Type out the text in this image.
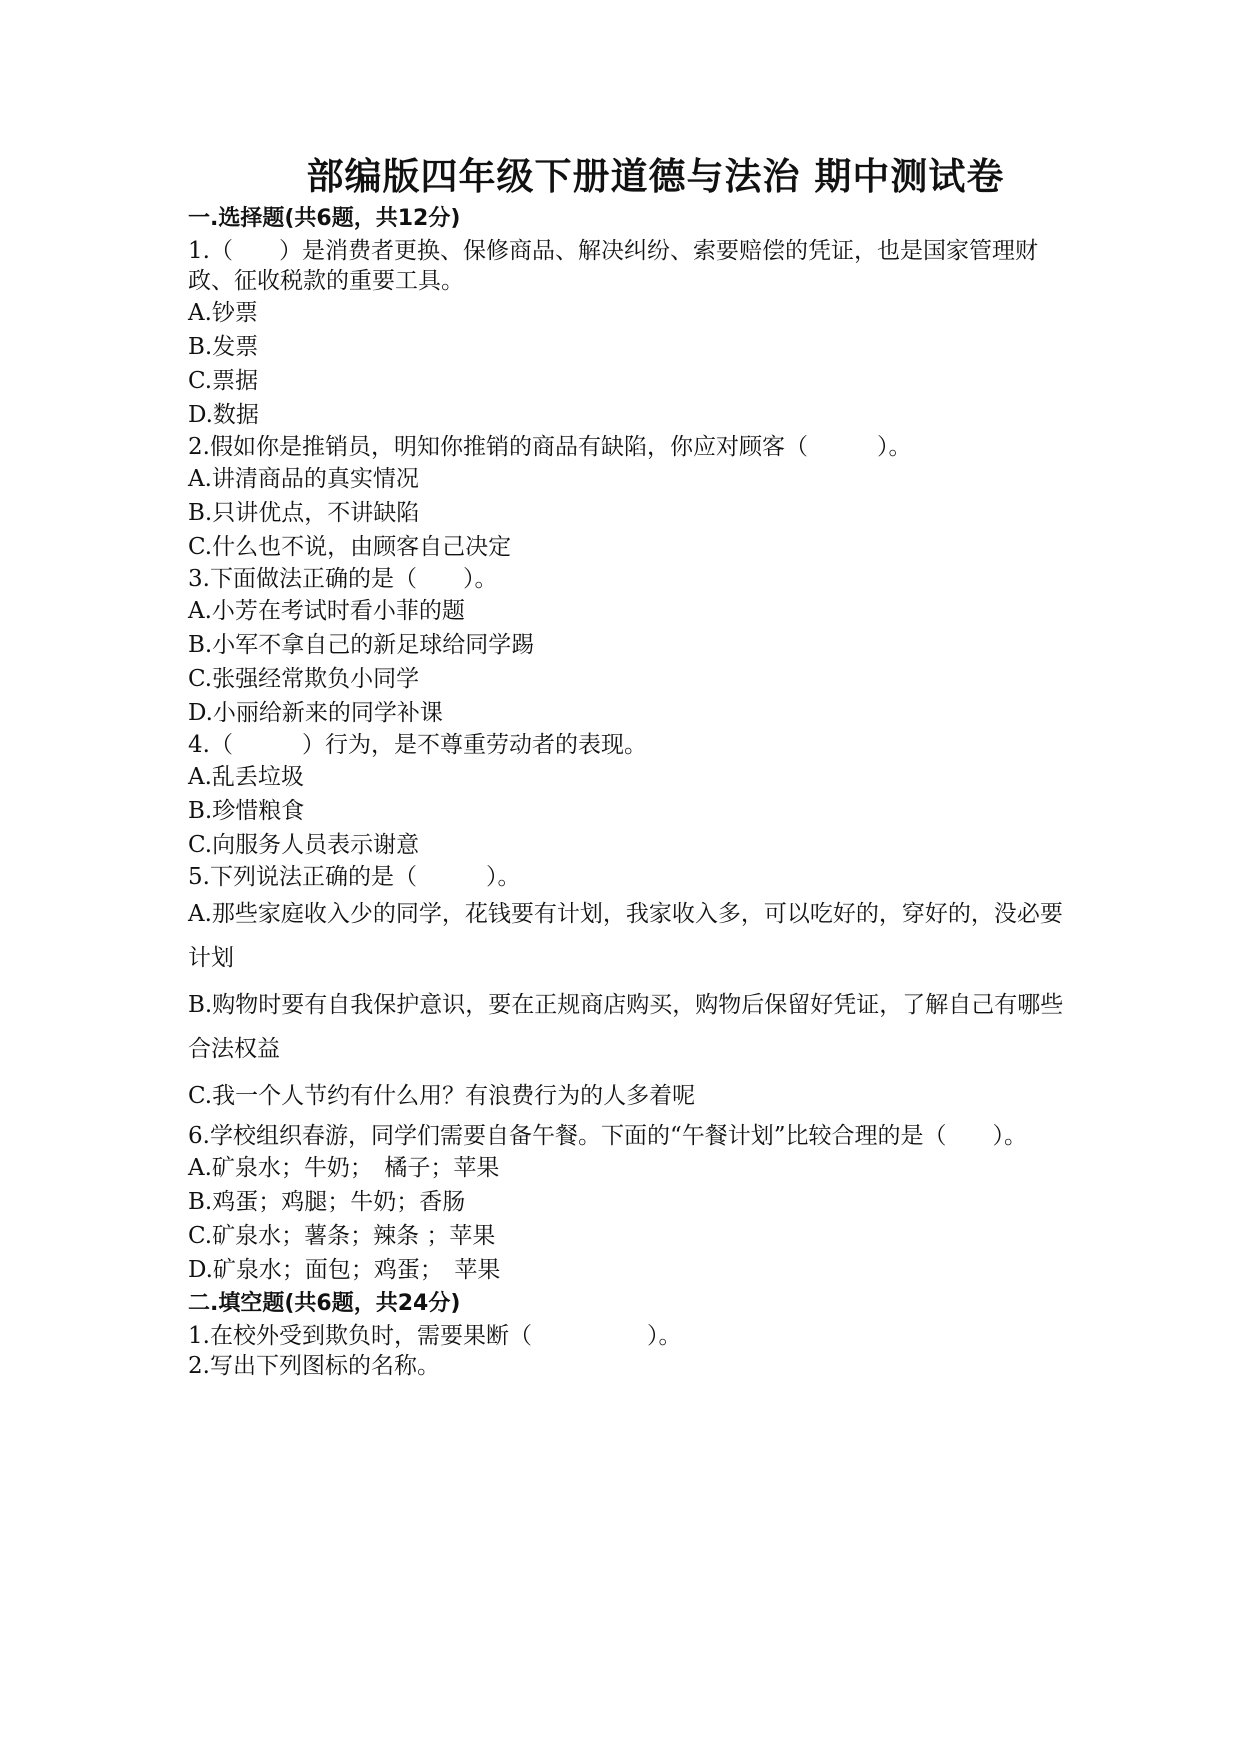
部编版四年级下册道德与法治 期中测试卷
一.选择题(共6题，共12分)

1.（　　）是消费者更换、保修商品、解决纠纷、索要赔偿的凭证，也是国家管理财政、征收税款的重要工具。

A.钞票

B.发票

C.票据

D.数据

2.假如你是推销员，明知你推销的商品有缺陷，你应对顾客（　　　）。

A.讲清商品的真实情况

B.只讲优点，不讲缺陷

C.什么也不说，由顾客自己决定

3.下面做法正确的是（　　）。

A.小芳在考试时看小菲的题

B.小军不拿自己的新足球给同学踢

C.张强经常欺负小同学

D.小丽给新来的同学补课

4.（　　　）行为，是不尊重劳动者的表现。

A.乱丢垃圾

B.珍惜粮食

C.向服务人员表示谢意

5.下列说法正确的是（　　　）。

A.那些家庭收入少的同学，花钱要有计划，我家收入多，可以吃好的，穿好的，没必要计划

B.购物时要有自我保护意识，要在正规商店购买，购物后保留好凭证，了解自己有哪些合法权益

C.我一个人节约有什么用？有浪费行为的人多着呢

6.学校组织春游，同学们需要自备午餐。下面的“午餐计划”比较合理的是（　　）。

A.矿泉水；牛奶；　橘子；苹果

B.鸡蛋；鸡腿；牛奶；香肠

C.矿泉水；薯条；辣条 ；苹果

D.矿泉水；面包；鸡蛋；　苹果

二.填空题(共6题，共24分)

1.在校外受到欺负时，需要果断（　　　　　）。

2.写出下列图标的名称。
